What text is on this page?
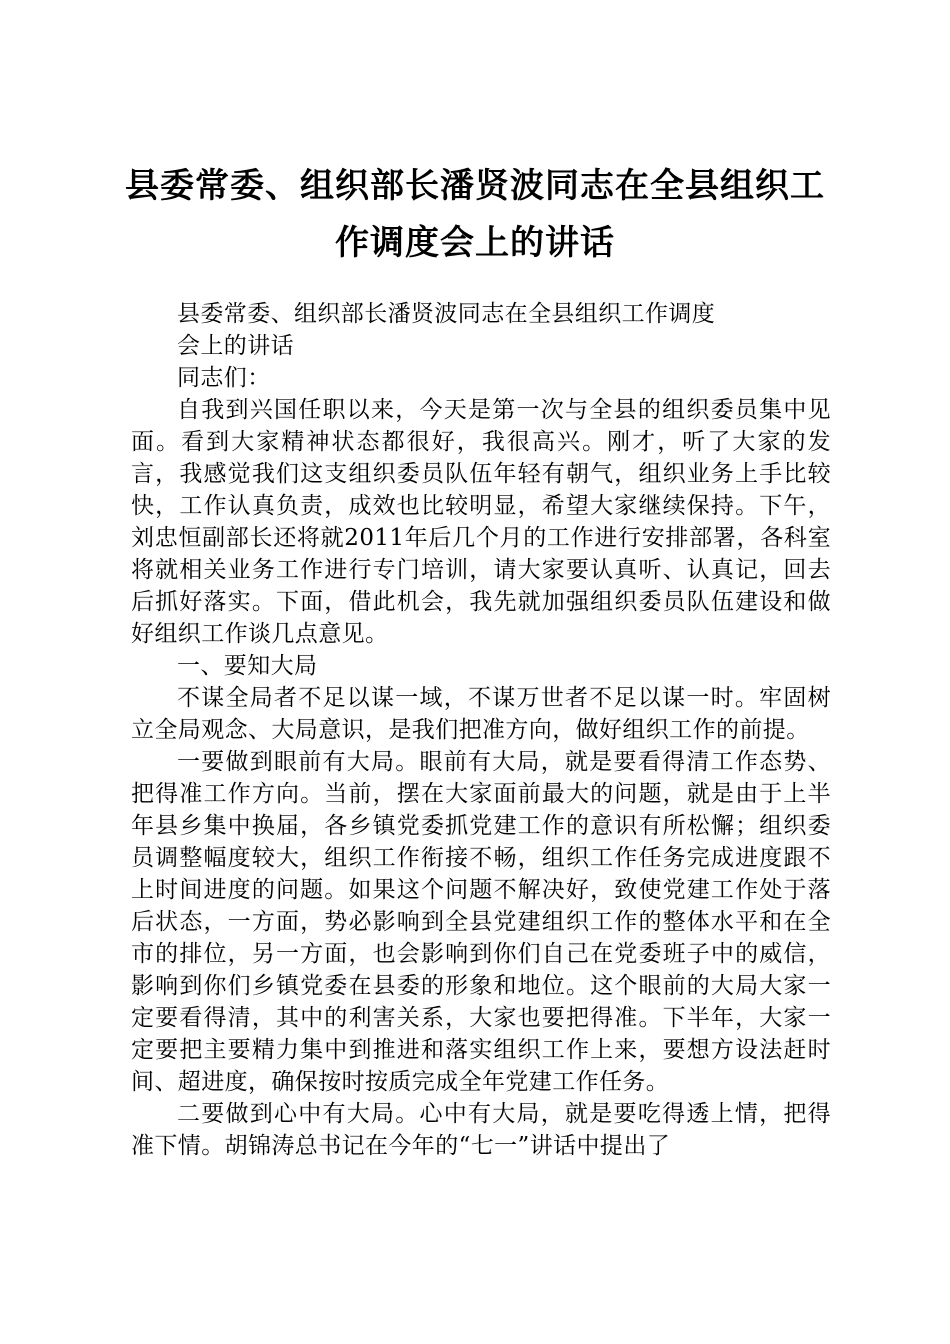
县委常委、组织部长潘贤波同志在全县组织工
作调度会上的讲话

县委常委、组织部长潘贤波同志在全县组织工作调度

会上的讲话

同志们：

自我到兴国任职以来，今天是第一次与全县的组织委员集中见面。看到大家精神状态都很好，我很高兴。刚才，听了大家的发言，我感觉我们这支组织委员队伍年轻有朝气，组织业务上手比较快，工作认真负责，成效也比较明显，希望大家继续保持。下午，刘忠恒副部长还将就2011年后几个月的工作进行安排部署，各科室将就相关业务工作进行专门培训，请大家要认真听、认真记，回去后抓好落实。下面，借此机会，我先就加强组织委员队伍建设和做好组织工作谈几点意见。

一、要知大局

不谋全局者不足以谋一域，不谋万世者不足以谋一时。牢固树立全局观念、大局意识，是我们把准方向，做好组织工作的前提。

一要做到眼前有大局。眼前有大局，就是要看得清工作态势、把得准工作方向。当前，摆在大家面前最大的问题，就是由于上半年县乡集中换届，各乡镇党委抓党建工作的意识有所松懈；组织委员调整幅度较大，组织工作衔接不畅，组织工作任务完成进度跟不上时间进度的问题。如果这个问题不解决好，致使党建工作处于落后状态，一方面，势必影响到全县党建组织工作的整体水平和在全市的排位，另一方面，也会影响到你们自己在党委班子中的威信，影响到你们乡镇党委在县委的形象和地位。这个眼前的大局大家一定要看得清，其中的利害关系，大家也要把得准。下半年，大家一定要把主要精力集中到推进和落实组织工作上来，要想方设法赶时间、超进度，确保按时按质完成全年党建工作任务。

二要做到心中有大局。心中有大局，就是要吃得透上情，把得准下情。胡锦涛总书记在今年的“七一”讲话中提出了
